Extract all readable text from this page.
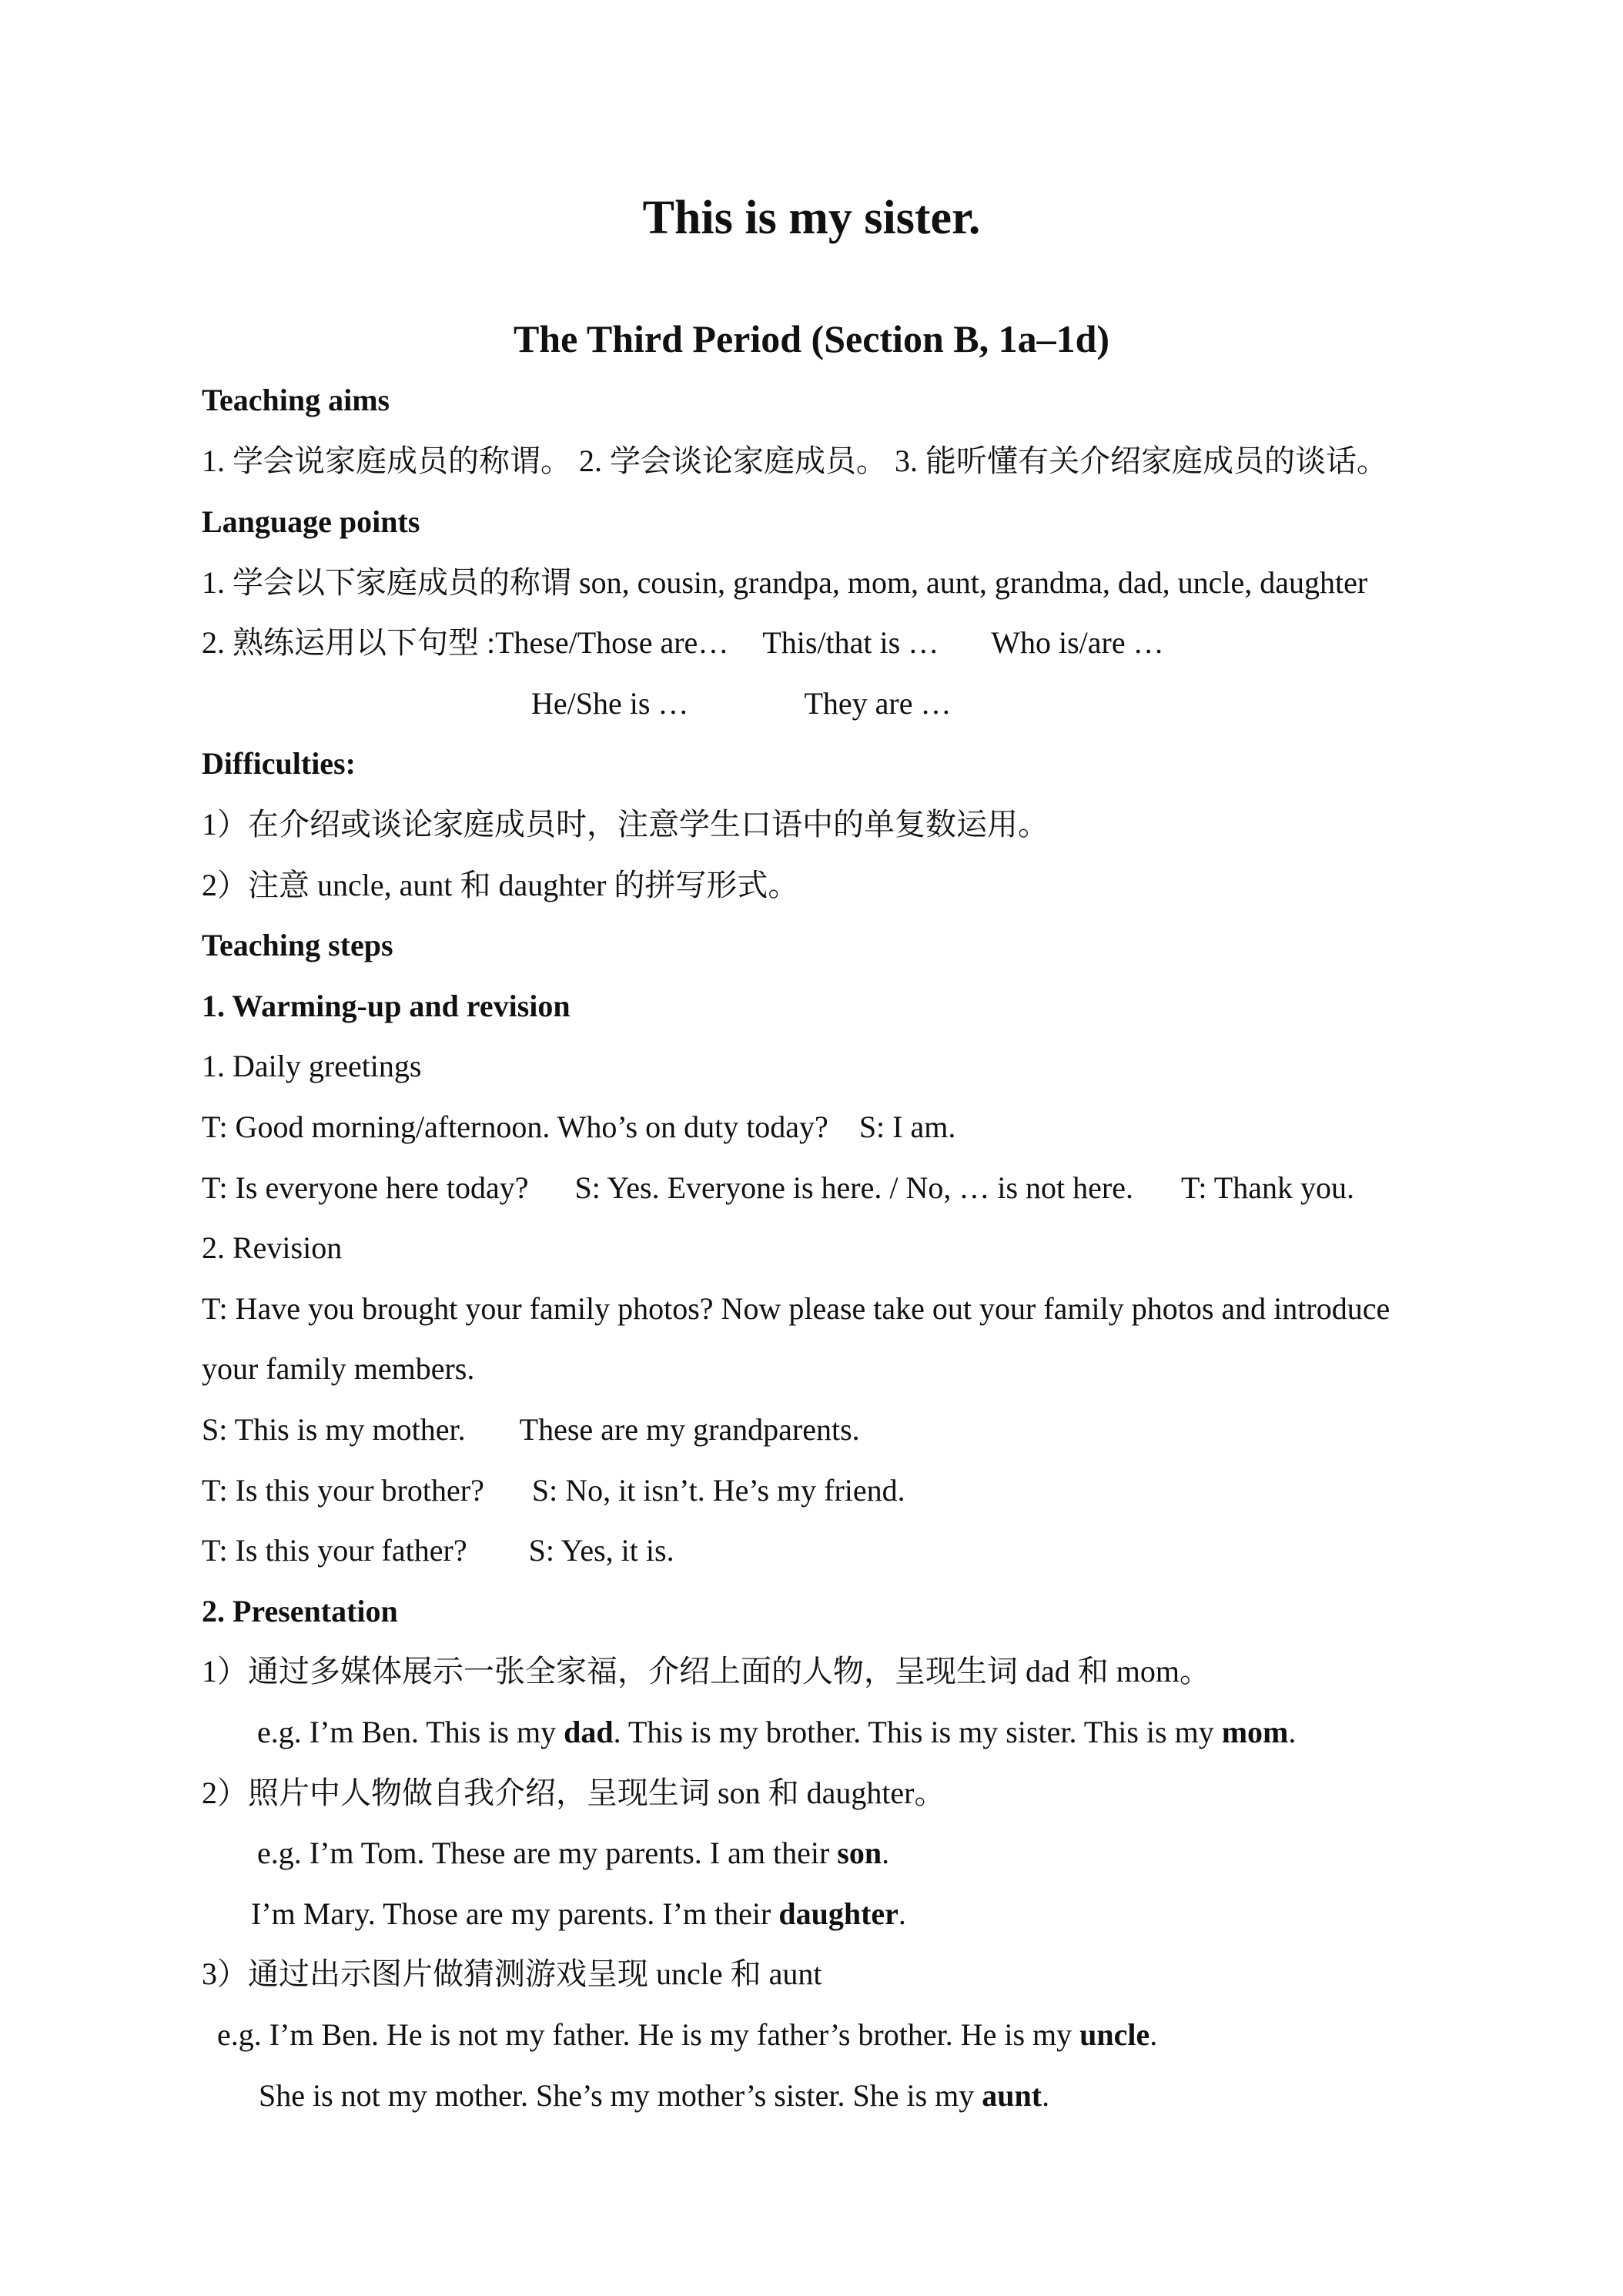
This is my sister.
The Third Period (Section B, 1a–1d)
Teaching aims
1. 学会说家庭成员的称谓。 2. 学会谈论家庭成员。 3. 能听懂有关介绍家庭成员的谈话。
Language points
1. 学会以下家庭成员的称谓 son, cousin, grandpa, mom, aunt, grandma, dad, uncle, daughter
2. 熟练运用以下句型 :These/Those are… This/that is … Who is/are …
He/She is …	They are …
Difficulties:
1）在介绍或谈论家庭成员时，注意学生口语中的单复数运用。
2）注意 uncle, aunt 和 daughter 的拼写形式。
Teaching steps
1. Warming-up and revision
1. Daily greetings
T: Good morning/afternoon. Who’s on duty today? S: I am.
T: Is everyone here today? S: Yes. Everyone is here. / No, … is not here. T: Thank you.
2. Revision
T: Have you brought your family photos? Now please take out your family photos and introduce
your family members.
S: This is my mother. These are my grandparents.
T: Is this your brother? S: No, it isn’t. He’s my friend.
T: Is this your father? S: Yes, it is.
2. Presentation
1）通过多媒体展示一张全家福，介绍上面的人物，呈现生词 dad 和 mom。
e.g. I’m Ben. This is my dad. This is my brother. This is my sister. This is my mom.
2）照片中人物做自我介绍，呈现生词 son 和 daughter。
e.g. I’m Tom. These are my parents. I am their son.
I’m Mary. Those are my parents. I’m their daughter.
3）通过出示图片做猜测游戏呈现 uncle 和 aunt
e.g. I’m Ben. He is not my father. He is my father’s brother. He is my uncle.
She is not my mother. She’s my mother’s sister. She is my aunt.
